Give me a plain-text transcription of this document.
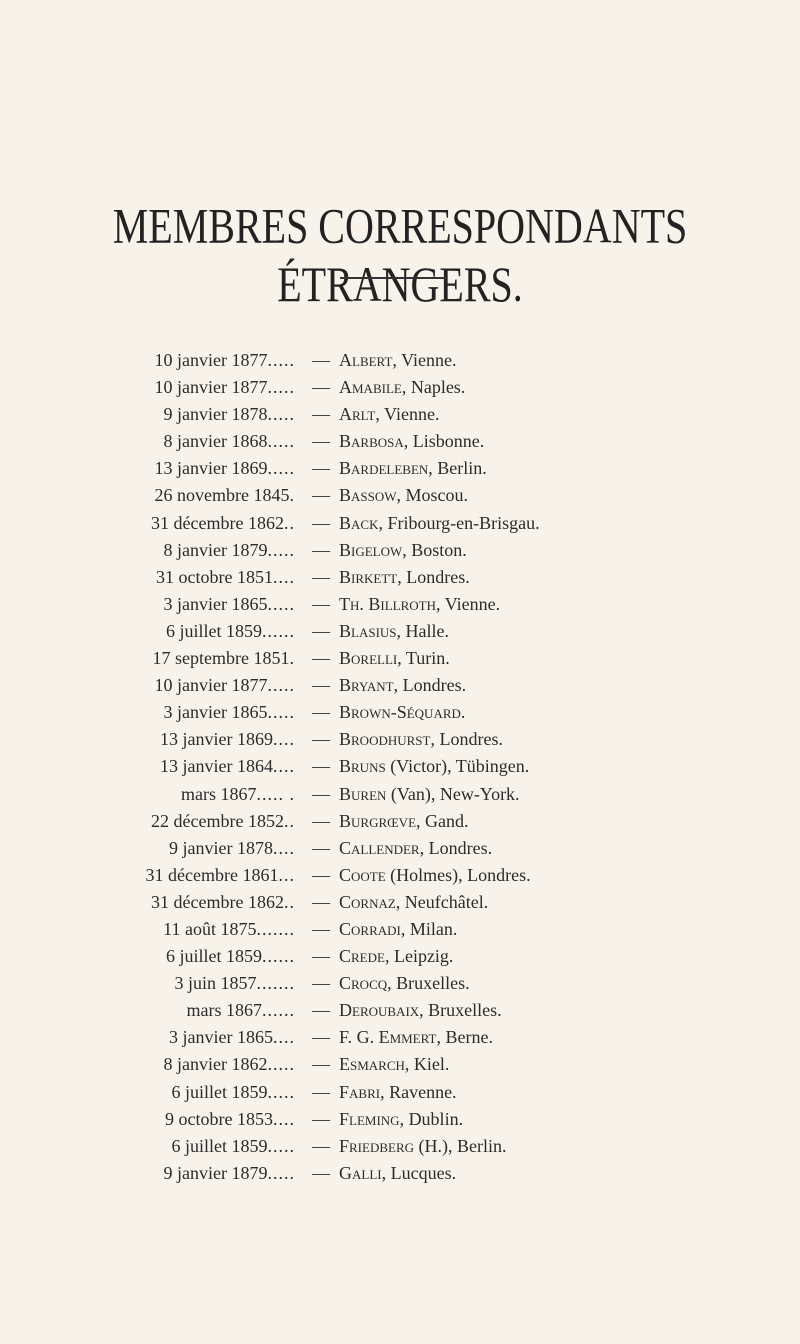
MEMBRES CORRESPONDANTS ÉTRANGERS.
10 janvier 1877..... — Albert, Vienne.
10 janvier 1877..... — Amabile, Naples.
9 janvier 1878..... — Arlt, Vienne.
8 janvier 1868..... — Barbosa, Lisbonne.
13 janvier 1869..... — Bardeleben, Berlin.
26 novembre 1845. — Bassow, Moscou.
31 décembre 1862.. — Back, Fribourg-en-Brisgau.
8 janvier 1879..... — Bigelow, Boston.
31 octobre 1851.... — Birkett, Londres.
3 janvier 1865..... — Th. Billroth, Vienne.
6 juillet 1859...... — Blasius, Halle.
17 septembre 1851. — Borelli, Turin.
10 janvier 1877..... — Bryant, Londres.
3 janvier 1865..... — Brown-Séquard.
13 janvier 1869.... — Broodhurst, Londres.
13 janvier 1864.... — Bruns (Victor), Tübingen.
mars 1867..... . — Buren (Van), New-York.
22 décembre 1852.. — Burgrœve, Gand.
9 janvier 1878.... — Callender, Londres.
31 décembre 1861... — Coote (Holmes), Londres.
31 décembre 1862.. — Cornaz, Neufchâtel.
11 août 1875....... — Corradi, Milan.
6 juillet 1859...... — Crede, Leipzig.
3 juin 1857....... — Crocq, Bruxelles.
mars 1867...... — Deroubaix, Bruxelles.
3 janvier 1865.... — F. G. Emmert, Berne.
8 janvier 1862..... — Esmarch, Kiel.
6 juillet 1859..... — Fabri, Ravenne.
9 octobre 1853.... — Fleming, Dublin.
6 juillet 1859..... — Friedberg (H.), Berlin.
9 janvier 1879..... — Galli, Lucques.
